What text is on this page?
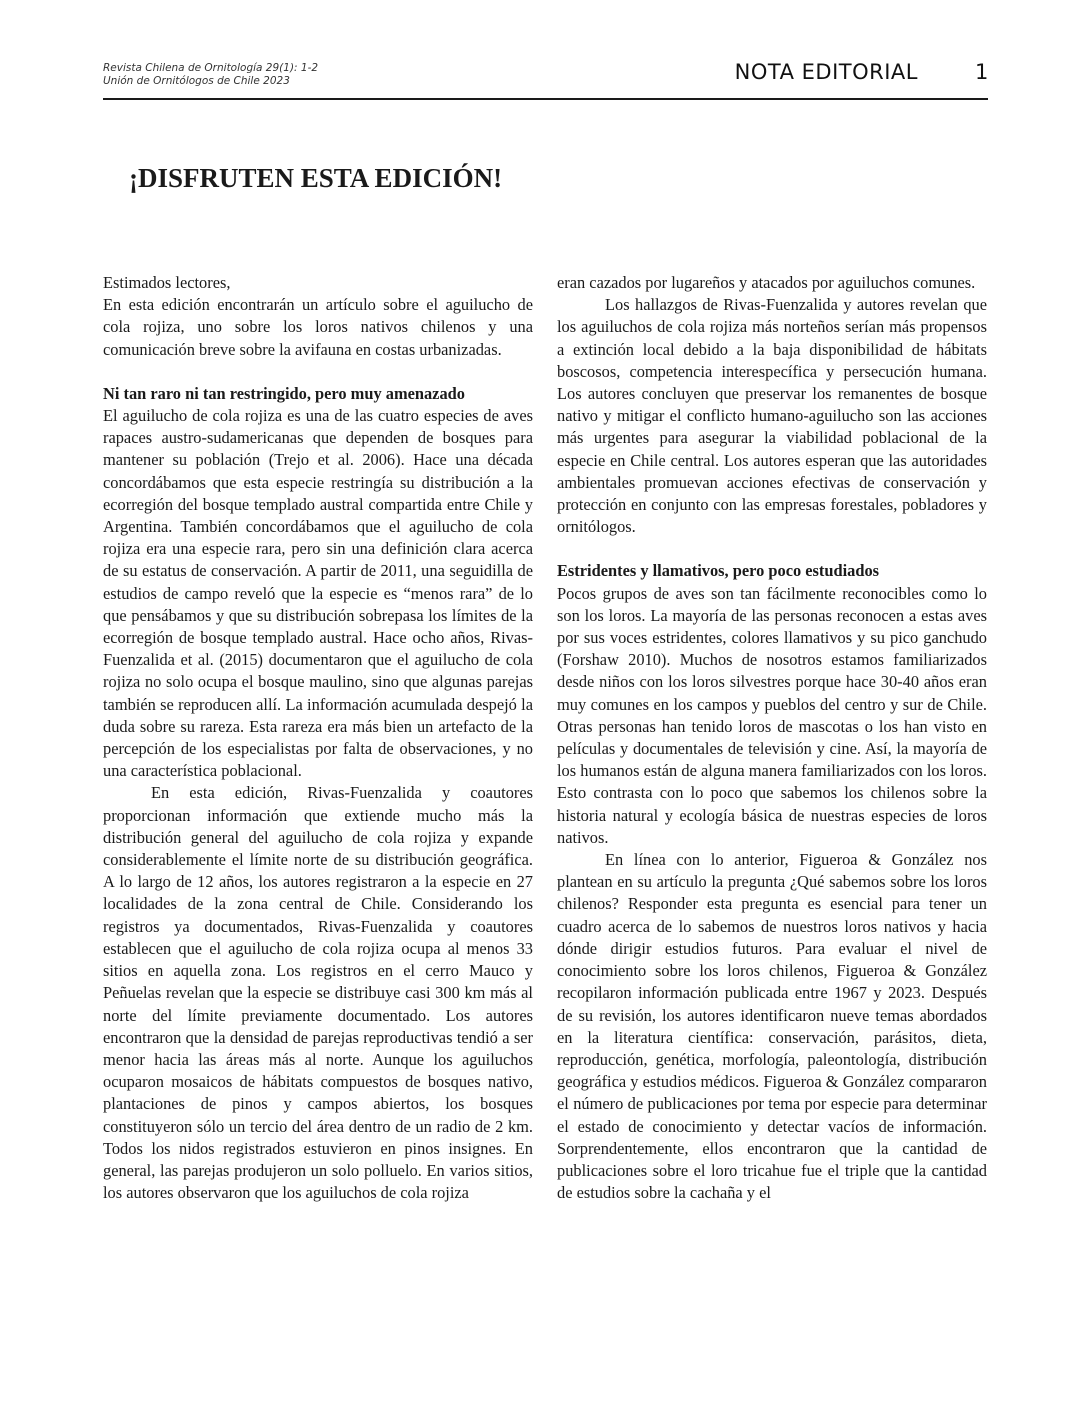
Revista Chilena de Ornitología 29(1): 1-2
Unión de Ornitólogos de Chile 2023	NOTA EDITORIAL	1
¡DISFRUTEN ESTA EDICIÓN!

Estimados lectores,

En esta edición encontrarán un artículo sobre el aguilucho de cola rojiza, uno sobre los loros nativos chilenos y una comunicación breve sobre la avifauna en costas urbanizadas.

Ni tan raro ni tan restringido, pero muy amenazado

El aguilucho de cola rojiza es una de las cuatro especies de aves rapaces austro-sudamericanas que dependen de bosques para mantener su población (Trejo et al. 2006). Hace una década concordábamos que esta especie restringía su distribución a la ecorregión del bosque templado austral compartida entre Chile y Argentina. También concordábamos que el aguilucho de cola rojiza era una especie rara, pero sin una definición clara acerca de su estatus de conservación. A partir de 2011, una seguidilla de estudios de campo reveló que la especie es “menos rara” de lo que pensábamos y que su distribución sobrepasa los límites de la ecorregión de bosque templado austral. Hace ocho años, Rivas-Fuenzalida et al. (2015) documentaron que el aguilucho de cola rojiza no solo ocupa el bosque maulino, sino que algunas parejas también se reproducen allí. La información acumulada despejó la duda sobre su rareza. Esta rareza era más bien un artefacto de la percepción de los especialistas por falta de observaciones, y no una característica poblacional.

En esta edición, Rivas-Fuenzalida y coautores proporcionan información que extiende mucho más la distribución general del aguilucho de cola rojiza y expande considerablemente el límite norte de su distribución geográfica. A lo largo de 12 años, los autores registraron a la especie en 27 localidades de la zona central de Chile. Considerando los registros ya documentados, Rivas-Fuenzalida y coautores establecen que el aguilucho de cola rojiza ocupa al menos 33 sitios en aquella zona. Los registros en el cerro Mauco y Peñuelas revelan que la especie se distribuye casi 300 km más al norte del límite previamente documentado. Los autores encontraron que la densidad de parejas reproductivas tendió a ser menor hacia las áreas más al norte. Aunque los aguiluchos ocuparon mosaicos de hábitats compuestos de bosques nativo, plantaciones de pinos y campos abiertos, los bosques constituyeron sólo un tercio del área dentro de un radio de 2 km. Todos los nidos registrados estuvieron en pinos insignes. En general, las parejas produjeron un solo polluelo. En varios sitios, los autores observaron que los aguiluchos de cola rojiza

eran cazados por lugareños y atacados por aguiluchos comunes.

Los hallazgos de Rivas-Fuenzalida y autores revelan que los aguiluchos de cola rojiza más norteños serían más propensos a extinción local debido a la baja disponibilidad de hábitats boscosos, competencia interespecífica y persecución humana. Los autores concluyen que preservar los remanentes de bosque nativo y mitigar el conflicto humano-aguilucho son las acciones más urgentes para asegurar la viabilidad poblacional de la especie en Chile central. Los autores esperan que las autoridades ambientales promuevan acciones efectivas de conservación y protección en conjunto con las empresas forestales, pobladores y ornitólogos.

Estridentes y llamativos, pero poco estudiados

Pocos grupos de aves son tan fácilmente reconocibles como lo son los loros. La mayoría de las personas reconocen a estas aves por sus voces estridentes, colores llamativos y su pico ganchudo (Forshaw 2010). Muchos de nosotros estamos familiarizados desde niños con los loros silvestres porque hace 30-40 años eran muy comunes en los campos y pueblos del centro y sur de Chile. Otras personas han tenido loros de mascotas o los han visto en películas y documentales de televisión y cine. Así, la mayoría de los humanos están de alguna manera familiarizados con los loros. Esto contrasta con lo poco que sabemos los chilenos sobre la historia natural y ecología básica de nuestras especies de loros nativos.

En línea con lo anterior, Figueroa & González nos plantean en su artículo la pregunta ¿Qué sabemos sobre los loros chilenos? Responder esta pregunta es esencial para tener un cuadro acerca de lo sabemos de nuestros loros nativos y hacia dónde dirigir estudios futuros. Para evaluar el nivel de conocimiento sobre los loros chilenos, Figueroa & González recopilaron información publicada entre 1967 y 2023. Después de su revisión, los autores identificaron nueve temas abordados en la literatura científica: conservación, parásitos, dieta, reproducción, genética, morfología, paleontología, distribución geográfica y estudios médicos. Figueroa & González compararon el número de publicaciones por tema por especie para determinar el estado de conocimiento y detectar vacíos de información. Sorprendentemente, ellos encontraron que la cantidad de publicaciones sobre el loro tricahue fue el triple que la cantidad de estudios sobre la cachaña y el
